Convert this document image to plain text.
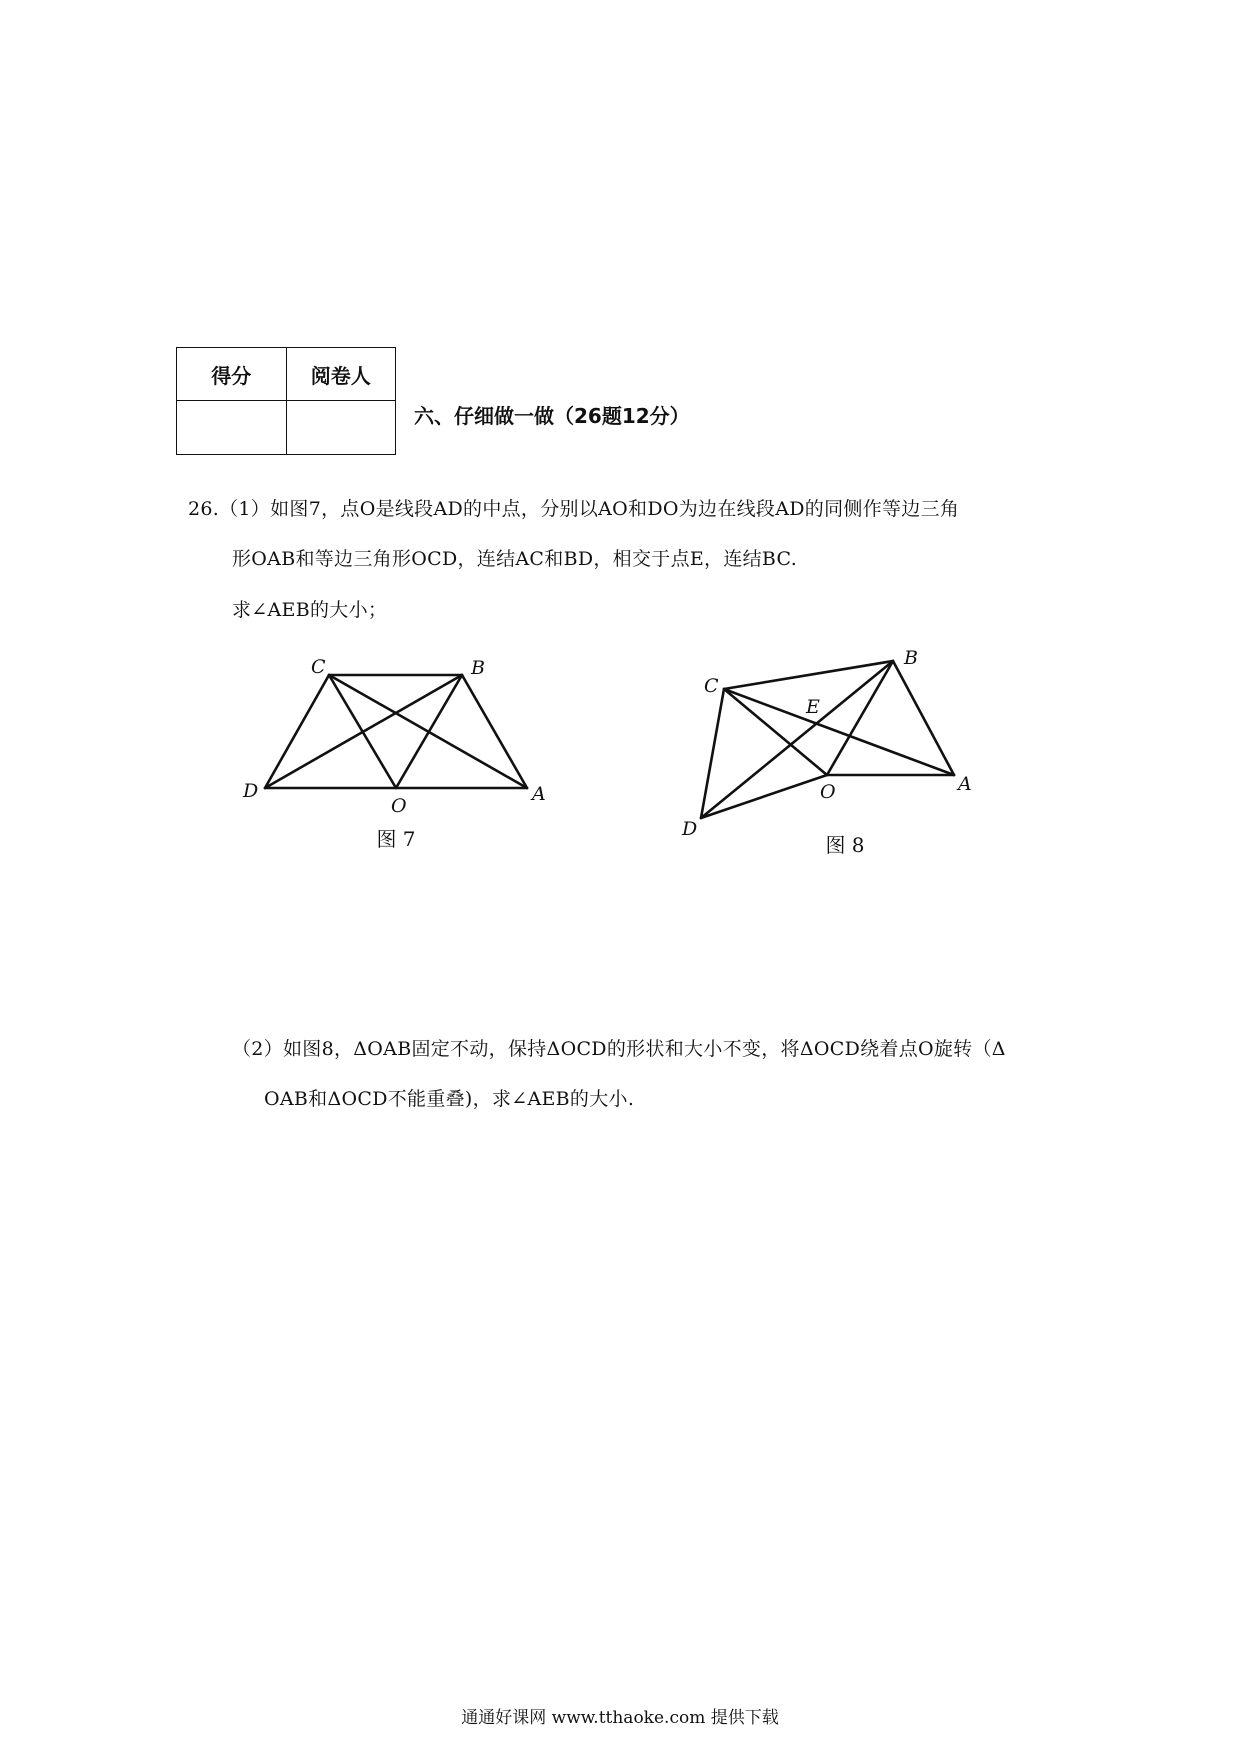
得分	阅卷人

六、仔细做一做（26题12分）
26.（1）如图7，点O是线段AD的中点，分别以AO和DO为边在线段AD的同侧作等边三角
形OAB和等边三角形OCD，连结AC和BD，相交于点E，连结BC.
求∠AEB的大小；
C	B
D
O
A
图 7
B
C
E
O	A
D
图 8
（2）如图8，ΔOAB固定不动，保持ΔOCD的形状和大小不变，将ΔOCD绕着点O旋转（Δ
OAB和ΔOCD不能重叠)，求∠AEB的大小.
通通好课网 www.tthaoke.com 提供下载
